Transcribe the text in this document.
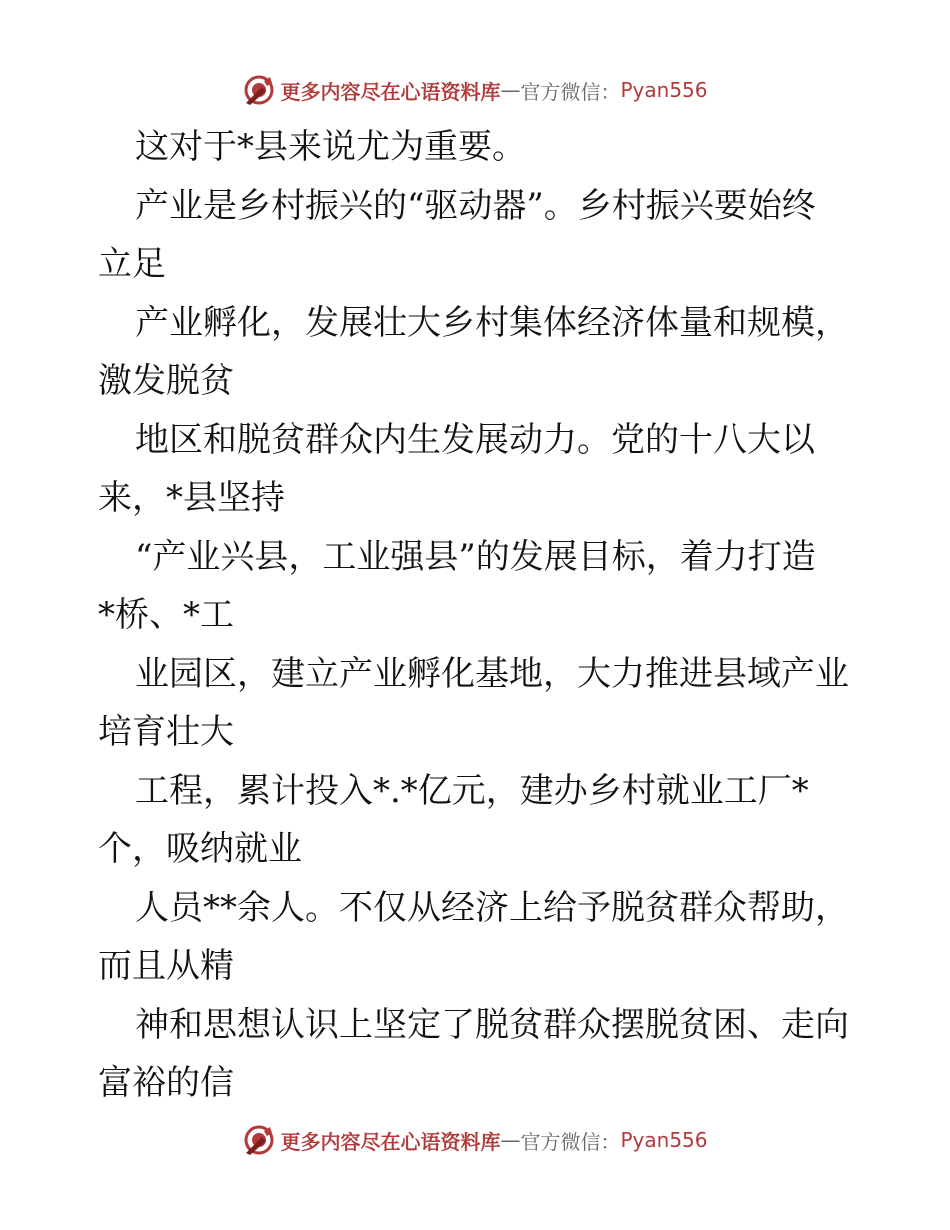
更多内容尽在心语资料库 — 官方微信： Pyan556
这对于*县来说尤为重要。
产业是乡村振兴的“驱动器”。乡村振兴要始终
立足
产业孵化，发展壮大乡村集体经济体量和规模，
激发脱贫
地区和脱贫群众内生发展动力。党的十八大以
来，*县坚持
“产业兴县，工业强县”的发展目标，着力打造
*桥、*工
业园区，建立产业孵化基地，大力推进县域产业
培育壮大
工程，累计投入*.*亿元，建办乡村就业工厂*
个，吸纳就业
人员**余人。不仅从经济上给予脱贫群众帮助，
而且从精
神和思想认识上坚定了脱贫群众摆脱贫困、走向
富裕的信
更多内容尽在心语资料库 — 官方微信： Pyan556
